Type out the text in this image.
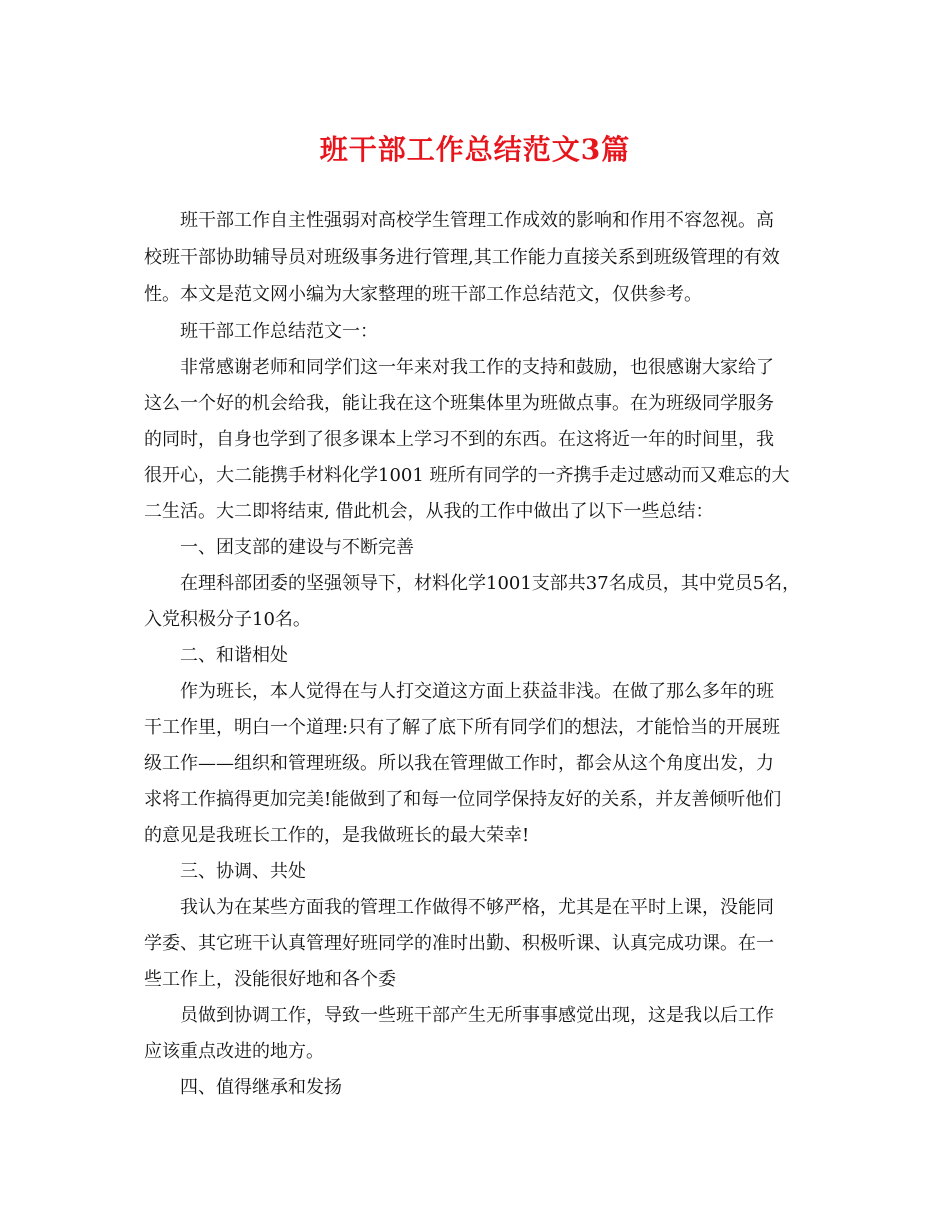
班干部工作总结范文3篇
班干部工作自主性强弱对高校学生管理工作成效的影响和作用不容忽视。高
校班干部协助辅导员对班级事务进行管理,其工作能力直接关系到班级管理的有效
性。本文是范文网小编为大家整理的班干部工作总结范文，仅供参考。
班干部工作总结范文一：
非常感谢老师和同学们这一年来对我工作的支持和鼓励，也很感谢大家给了
这么一个好的机会给我，能让我在这个班集体里为班做点事。在为班级同学服务
的同时，自身也学到了很多课本上学习不到的东西。在这将近一年的时间里，我
很开心，大二能携手材料化学1001 班所有同学的一齐携手走过感动而又难忘的大
二生活。大二即将结束, 借此机会，从我的工作中做出了以下一些总结：
一、团支部的建设与不断完善
在理科部团委的坚强领导下，材料化学1001支部共37名成员，其中党员5名，
入党积极分子10名。
二、和谐相处
作为班长，本人觉得在与人打交道这方面上获益非浅。在做了那么多年的班
干工作里，明白一个道理:只有了解了底下所有同学们的想法，才能恰当的开展班
级工作——组织和管理班级。所以我在管理做工作时，都会从这个角度出发，力
求将工作搞得更加完美!能做到了和每一位同学保持友好的关系，并友善倾听他们
的意见是我班长工作的，是我做班长的最大荣幸!
三、协调、共处
我认为在某些方面我的管理工作做得不够严格，尤其是在平时上课，没能同
学委、其它班干认真管理好班同学的准时出勤、积极听课、认真完成功课。在一
些工作上，没能很好地和各个委
员做到协调工作，导致一些班干部产生无所事事感觉出现，这是我以后工作
应该重点改进的地方。
四、值得继承和发扬
